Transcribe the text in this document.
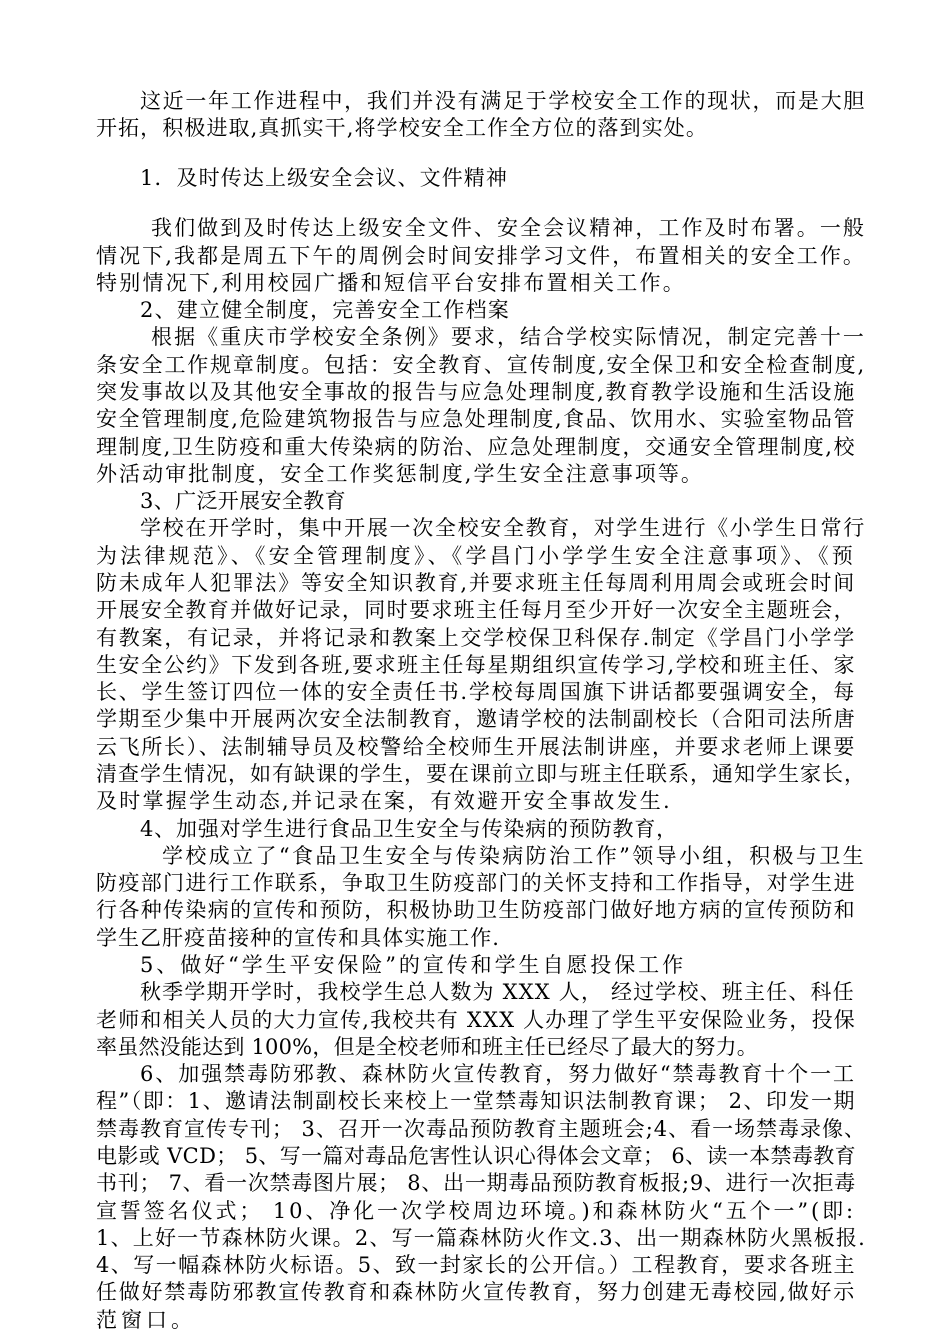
这近一年工作进程中，我们并没有满足于学校安全工作的现状，而是大胆
开拓，积极进取,真抓实干,将学校安全工作全方位的落到实处。
1．及时传达上级安全会议、文件精神
我们做到及时传达上级安全文件、安全会议精神，工作及时布署。一般
情况下,我都是周五下午的周例会时间安排学习文件，布置相关的安全工作。
特别情况下,利用校园广播和短信平台安排布置相关工作。
2、建立健全制度，完善安全工作档案
根据《重庆市学校安全条例》要求，结合学校实际情况，制定完善十一
条安全工作规章制度。包括：安全教育、宣传制度,安全保卫和安全检查制度,
突发事故以及其他安全事故的报告与应急处理制度,教育教学设施和生活设施
安全管理制度,危险建筑物报告与应急处理制度,食品、饮用水、实验室物品管
理制度,卫生防疫和重大传染病的防治、应急处理制度，交通安全管理制度,校
外活动审批制度，安全工作奖惩制度,学生安全注意事项等。
3、广泛开展安全教育
学校在开学时，集中开展一次全校安全教育，对学生进行《小学生日常行
为法律规范》、《安全管理制度》、《学昌门小学学生安全注意事项》、《预
防未成年人犯罪法》等安全知识教育,并要求班主任每周利用周会或班会时间
开展安全教育并做好记录，同时要求班主任每月至少开好一次安全主题班会，
有教案，有记录，并将记录和教案上交学校保卫科保存.制定《学昌门小学学
生安全公约》下发到各班,要求班主任每星期组织宣传学习,学校和班主任、家
长、学生签订四位一体的安全责任书.学校每周国旗下讲话都要强调安全，每
学期至少集中开展两次安全法制教育，邀请学校的法制副校长（合阳司法所唐
云飞所长）、法制辅导员及校警给全校师生开展法制讲座，并要求老师上课要
清查学生情况，如有缺课的学生，要在课前立即与班主任联系，通知学生家长，
及时掌握学生动态,并记录在案，有效避开安全事故发生.
4、加强对学生进行食品卫生安全与传染病的预防教育，
学校成立了“食品卫生安全与传染病防治工作”领导小组，积极与卫生
防疫部门进行工作联系，争取卫生防疫部门的关怀支持和工作指导，对学生进
行各种传染病的宣传和预防，积极协助卫生防疫部门做好地方病的宣传预防和
学生乙肝疫苗接种的宣传和具体实施工作.
5、做好“学生平安保险”的宣传和学生自愿投保工作
秋季学期开学时，我校学生总人数为 XXX 人， 经过学校、班主任、科任
老师和相关人员的大力宣传,我校共有 XXX 人办理了学生平安保险业务，投保
率虽然没能达到 100%，但是全校老师和班主任已经尽了最大的努力。
6、加强禁毒防邪教、森林防火宣传教育，努力做好“禁毒教育十个一工
程”（即：1、邀请法制副校长来校上一堂禁毒知识法制教育课； 2、印发一期
禁毒教育宣传专刊； 3、召开一次毒品预防教育主题班会;4、看一场禁毒录像、
电影或 VCD； 5、写一篇对毒品危害性认识心得体会文章； 6、读一本禁毒教育
书刊； 7、看一次禁毒图片展； 8、出一期毒品预防教育板报;9、进行一次拒毒
宣誓签名仪式； 10、净化一次学校周边环境。)和森林防火“五个一”(即:
1、上好一节森林防火课。2、写一篇森林防火作文.3、出一期森林防火黑板报.
4、写一幅森林防火标语。5、致一封家长的公开信。）工程教育，要求各班主
任做好禁毒防邪教宣传教育和森林防火宣传教育，努力创建无毒校园,做好示
范窗口。
